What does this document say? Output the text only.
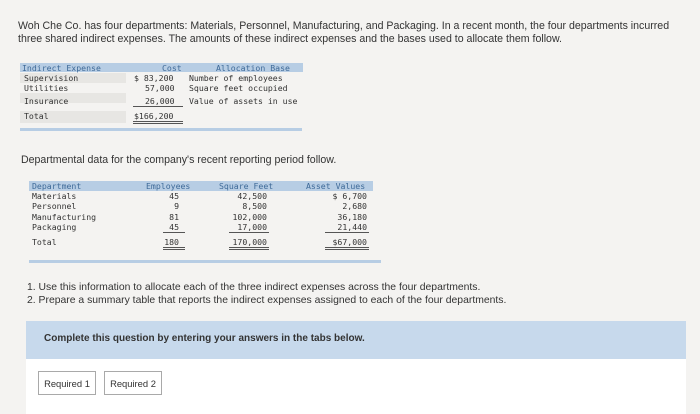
Woh Che Co. has four departments: Materials, Personnel, Manufacturing, and Packaging. In a recent month, the four departments incurred three shared indirect expenses. The amounts of these indirect expenses and the bases used to allocate them follow.
Indirect Expense	Cost	Allocation Base
Supervision	$ 83,200 Number of employees
Utilities	57,000 Square feet occupied
Insurance	26,000 Value of assets in use
Total	$166,200
Departmental data for the company's recent reporting period follow.
Department	Employees	Square Feet	Asset Values
Materials	45	42,500	$ 6,700
Personnel	9	8,500	2,680
Manufacturing	81	102,000	36,180
Packaging	45	17,000	21,440
Total	180	170,000	$67,000
1. Use this information to allocate each of the three indirect expenses across the four departments.
2. Prepare a summary table that reports the indirect expenses assigned to each of the four departments.
Complete this question by entering your answers in the tabs below.
Required 1	Required 2
